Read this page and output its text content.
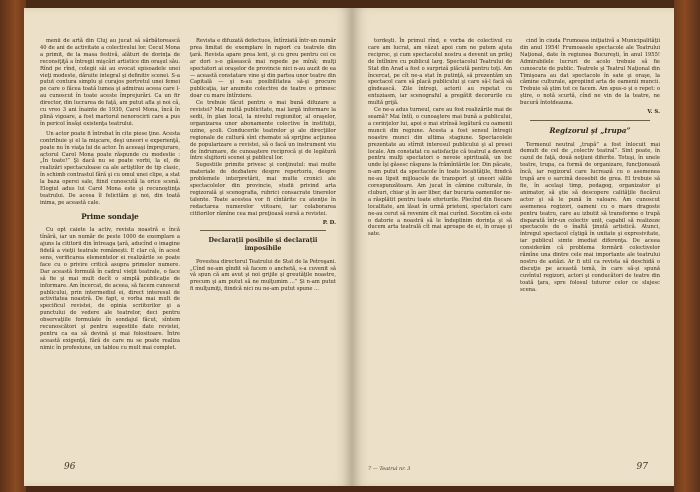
menii de artă din Cluj au jucat să sărbătorească 40 de ani de activitate a colectivului lor. Cecul Mona a primit, de la masa festivă, alături de dorinţa de reconsiţiţă a întregii mişcări artistice din oraşul său. Rînd pe rînd, colegii săi au evocat episoadele unei vieţi modeste, dăruite integral şi definitiv scenei. S-a putut contura simplu şi curajos portretul unei femei pe care o făcea toată lumea şi admirau aceea care l-au cunoscut în toate aceste împrejurări. Ca un fir director, din lucrarea de faţă, am putut afla şi noi că, cu vreo 3 ani înainte de 1930, Carol Mona, încă în plină vigoare, a fost martorul nenorocirii care a pus în pericol însăşi existenţa teatrului.

Un actor poate fi întrebat în cite piese ţine. Acesta contribuie şi el la mişcare, deşi uneori e experienţă, poate nu în viaţa lui de actor. În aceeaşi împrejurare, actorul Carol Mona poate răspunde cu modestie : „În toate!” Şi dacă nu se poate vorbi, la el, de realizări spectaculoase ca ale artiştilor de tip clasic, în schimb contrastul fără şi cu omul unei clipe, a stat la baza operei sale, fiind cunoscută la orice scenă. Elogiul adus lui Carol Mona este şi recunoştinţa teatrului. De aceea îl felicităm şi noi, din toată inima, pe această cale.

Prime sondaje

Cu opt caiete la activ, revista noastră e încă tînără, iar un număr de peste 1000 de exemplare a ajuns la cititorii din întreaga ţară, aducînd o imagine fidelă a vieţii teatrale românești. E clar că, în acest sens, verificarea elementelor ei realizările se poate face cu o privire critică asupra primelor numere. Dar această formulă în cadrul vieţii teatrale, o face să fie şi mai mult decît o simplă publicaţie de informare. Am încercat, de aceea, să facem cunoscut publicului, prin intermediul ei, direct interesul de activitatea noastră. De fapt, e vorba mai mult de specificul revistei, de opinia scriitorilor şi a punctului de vedere ale teatrelor, deci pentru observaţiile formulate în sondajul făcut, sîntem recunoscători şi pentru sugestiile date revistei, pentru ca ea să devină şi mai folositoare. Între această exigenţă, fără de care nu se poate realiza nimic în profesiune, un tablou cu mult mai complet.

Revista e difuzată defectuos, întîrziată într-un număr prea limitat de exemplare în raport cu teatrele din ţară. Revista apare prea lent, şi cu greu pentru cei ce ar dori s-o găsească mai repede pe mînă; mulţi spectatori ai oraşelor de provincie nici n-au auzit de ea — această constatare vine şi din partea unor teatre din Capitală — şi n-au posibilitatea să-şi procure publicaţia, iar anumite colective de teatre o primesc doar cu mare întîrziere.

Ce trebuie făcut pentru o mai bună difuzare a revistei? Mai multă publicitate, mai largă informare la sedii, în plan local, la nivelul regiunilor, al oraşelor, organizarea unor abonamente colective în instituţii, uzine, şcoli. Conducerile teatrelor şi ale direcţiilor regionale de cultură sînt chemate să sprijine acţiunea de popularizare a revistei, să o facă un instrument viu de îndrumare, de cunoaştere reciprocă şi de legătură între slujitorii scenei şi publicul lor.

Sugestiile primite privesc şi conţinutul: mai multe materiale de dezbatere despre repertoriu, despre problemele interpretării, mai multe cronici ale spectacolelor din provincie, studii privind arta regizorală şi scenografia, rubrici consacrate tinerelor talente. Toate acestea vor fi cîntărite cu atenţie în redactarea numerelor viitoare, iar colaborarea cititorilor rămîne cea mai preţioasă sursă a revistei.

P. D.
Declarații posibile și declarații imposibile

Povestea directorul Teatrului de Stat de la Petroşani. „Cînd ne-am gîndit să facem o anchetă, s-a cuvenit să vă spun că am avut şi noi grijile şi greutăţile noastre, precum şi am putut să ne mulţumim ...” Și n-am putut fi mulţumiţi, fiindcă nici nu ne-am putut spune ...

96

tordeşti. În primul rînd, e vorba de colectivul cu care am lucrat, am văzut apoi cum ne putem ajuta reciproc, şi cum spectacolul nostru a devenit un prilej de întîlnire cu publicul larg. Spectacolul Teatrului de Stat din Arad a fost o surpriză plăcută pentru toţi. Am încercat, pe cît ne-a stat în putinţă, să prezentăm un spectacol care să placă publicului şi care să-l facă să gîndească. Zile întregi, actorii au repetat cu entuziasm, iar scenograful a pregătit decorurile cu multă grijă.

Ce ne-a adus turneul, care au fost realizările mai de seamă? Mai întîi, o cunoaştere mai bună a publicului, a cerinţelor lui, apoi o mai strînsă legătură cu oamenii muncii din regiune. Acesta a fost sensul întregii noastre munci din ultima stagiune. Spectacolele prezentate au stîrnit interesul publicului şi al presei locale. Am constatat cu satisfacţie că teatrul a devenit pentru mulţi spectatori o nevoie spirituală, un loc unde îşi găsesc răspuns la frămîntările lor. Din păcate, n-am putut da spectacole în toate localităţile, fiindcă ne-au lipsit mijloacele de transport şi uneori sălile corespunzătoare. Am jucat în cămine culturale, în cluburi, chiar şi în aer liber, dar bucuria oamenilor ne-a răsplătit pentru toate eforturile. Plecînd din fiecare localitate, am lăsat în urmă prieteni, spectatori care ne-au cerut să revenim cît mai curînd. Socotim că este o datorie a noastră să le îndeplinim dorinţa şi să ducem arta teatrală cît mai aproape de ei, în oraşe şi sate.

cind în ciuda Frumoasa iniţiativă a Municipalităţii din anul 1954! Frumoasele spectacole ale Teatrului Naţional, date în regiunea Bucureşti, în anul 1955! Admirabilele lucruri de acolo trebuie să fie cunoscute de public. Teatrele şi Teatrul Naţional din Timişoara au dat spectacole în sate şi oraşe, la cămine culturale, apropiind arta de oamenii muncii. Trebuie să ştim tot ce facem. Am spus-o şi o repet: o ştire, o notă scurtă, cînd ne vin de la teatre, ne bucură întotdeauna.

V. S.
Regizorul şi „trupa”

Termenul neutral „trupă” a fost înlocuit mai demult de cel de „colectiv teatral”. Sint poate, în cazul de faţă, două noţiuni diferite. Totuşi, în unele teatre, trupa, ca formă de organizare, funcţionează încă, iar regizorul care lucrează cu o asemenea trupă are o sarcină deosebit de grea. El trebuie să fie, în acelaşi timp, pedagog, organizator şi animator, să ştie să descopere calităţile fiecărui actor şi să le pună în valoare. Am cunoscut asemenea regizori, oameni cu o mare dragoste pentru teatru, care au izbutit să transforme o trupă disparată într-un colectiv unit, capabil să realizeze spectacole de o înaltă ţinută artistică. Atunci, întregul spectacol cîştigă în unitate şi expresivitate, iar publicul simte imediat diferenţa. De aceea considerăm că problema formării colectivelor rămîne una dintre cele mai importante ale teatrului nostru de astăzi. Ar fi util ca revista să deschidă o discuţie pe această temă, în care să-şi spună cuvîntul regizori, actori şi conducători de teatre din toată ţara, spre folosul tuturor celor ce slujesc scena.

7 — Teatrul nr. 3	97
